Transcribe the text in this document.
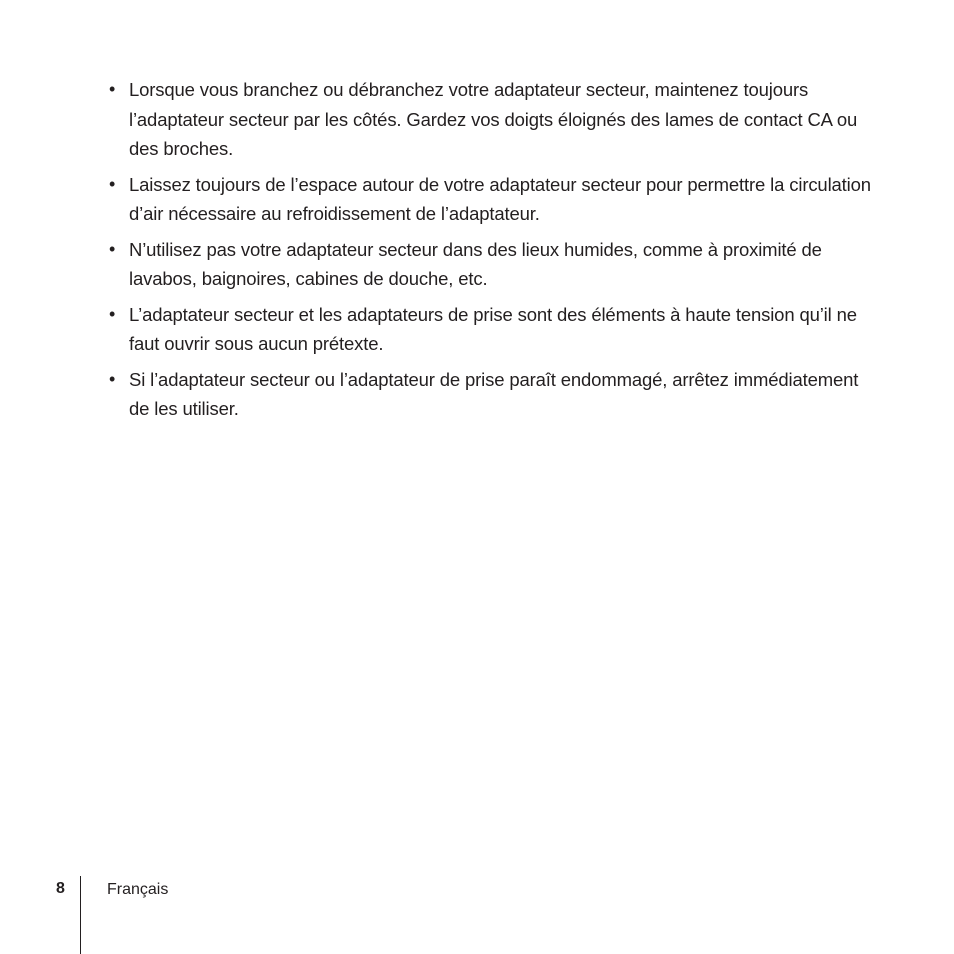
• Lorsque vous branchez ou débranchez votre adaptateur secteur, maintenez toujours l’adaptateur secteur par les côtés. Gardez vos doigts éloignés des lames de contact CA ou des broches.
• Laissez toujours de l’espace autour de votre adaptateur secteur pour permettre la circulation d’air nécessaire au refroidissement de l’adaptateur.
• N’utilisez pas votre adaptateur secteur dans des lieux humides, comme à proximité de lavabos, baignoires, cabines de douche, etc.
• L’adaptateur secteur et les adaptateurs de prise sont des éléments à haute tension qu’il ne faut ouvrir sous aucun prétexte.
• Si l’adaptateur secteur ou l’adaptateur de prise paraît endommagé, arrêtez immédiatement de les utiliser.
8	Français
